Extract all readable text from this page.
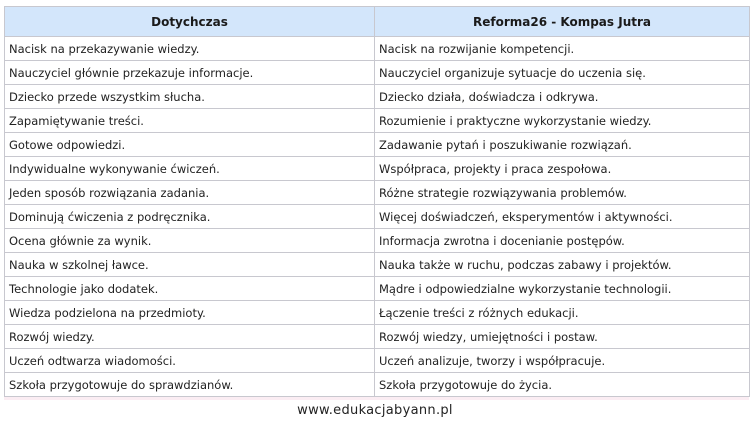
Dotychczas	Reforma26 - Kompas Jutra
Nacisk na przekazywanie wiedzy.	Nacisk na rozwijanie kompetencji.
Nauczyciel głównie przekazuje informacje.	Nauczyciel organizuje sytuacje do uczenia się.
Dziecko przede wszystkim słucha.	Dziecko działa, doświadcza i odkrywa.
Zapamiętywanie treści.	Rozumienie i praktyczne wykorzystanie wiedzy.
Gotowe odpowiedzi.	Zadawanie pytań i poszukiwanie rozwiązań.
Indywidualne wykonywanie ćwiczeń.	Współpraca, projekty i praca zespołowa.
Jeden sposób rozwiązania zadania.	Różne strategie rozwiązywania problemów.
Dominują ćwiczenia z podręcznika.	Więcej doświadczeń, eksperymentów i aktywności.
Ocena głównie za wynik.	Informacja zwrotna i docenianie postępów.
Nauka w szkolnej ławce.	Nauka także w ruchu, podczas zabawy i projektów.
Technologie jako dodatek.	Mądre i odpowiedzialne wykorzystanie technologii.
Wiedza podzielona na przedmioty.	Łączenie treści z różnych edukacji.
Rozwój wiedzy.	Rozwój wiedzy, umiejętności i postaw.
Uczeń odtwarza wiadomości.	Uczeń analizuje, tworzy i współpracuje.
Szkoła przygotowuje do sprawdzianów.	Szkoła przygotowuje do życia.
www.edukacjabyann.pl
